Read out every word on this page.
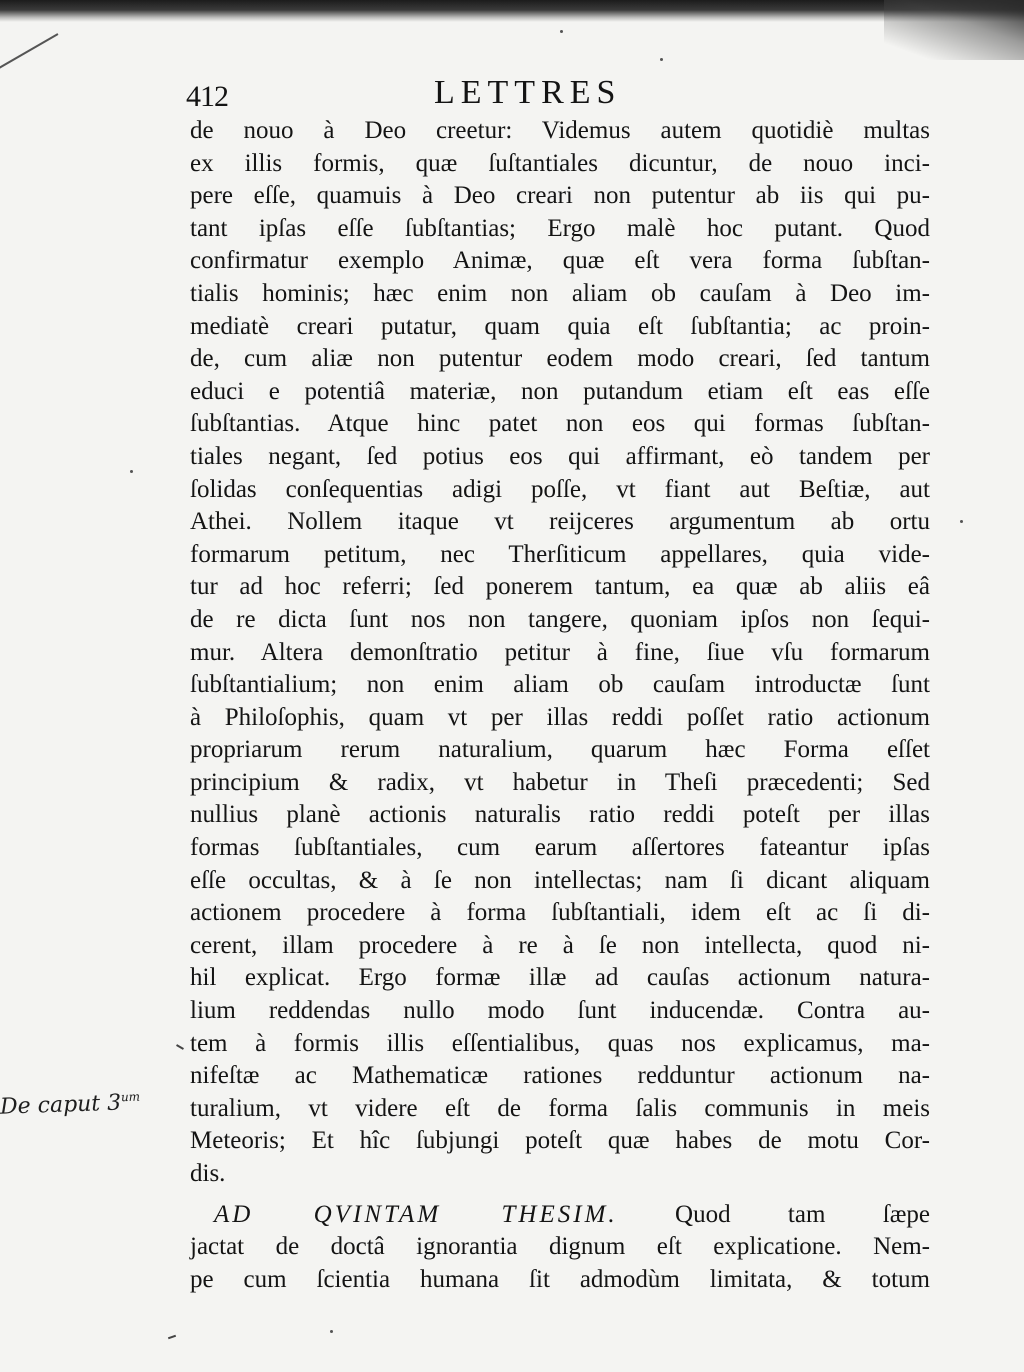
412	LETTRES
de nouo à Deo creetur: Videmus autem quotidiè multas
ex illis formis, quæ ſuſtantiales dicuntur, de nouo inci-
pere eſſe, quamuis à Deo creari non putentur ab iis qui pu-
tant ipſas eſſe ſubſtantias; Ergo malè hoc putant. Quod
confirmatur exemplo Animæ, quæ eſt vera forma ſubſtan-
tialis hominis; hæc enim non aliam ob cauſam à Deo im-
mediatè creari putatur, quam quia eſt ſubſtantia; ac proin-
de, cum aliæ non putentur eodem modo creari, ſed tantum
educi e potentiâ materiæ, non putandum etiam eſt eas eſſe
ſubſtantias. Atque hinc patet non eos qui formas ſubſtan-
tiales negant, ſed potius eos qui affirmant, eò tandem per
ſolidas conſequentias adigi poſſe, vt fiant aut Beſtiæ, aut
Athei. Nollem itaque vt reijceres argumentum ab ortu
formarum petitum, nec Therſiticum appellares, quia vide-
tur ad hoc referri; ſed ponerem tantum, ea quæ ab aliis eâ
de re dicta ſunt nos non tangere, quoniam ipſos non ſequi-
mur. Altera demonſtratio petitur à fine, ſiue vſu formarum
ſubſtantialium; non enim aliam ob cauſam introductæ ſunt
à Philoſophis, quam vt per illas reddi poſſet ratio actionum
propriarum rerum naturalium, quarum hæc Forma eſſet
principium & radix, vt habetur in Theſi præcedenti; Sed
nullius planè actionis naturalis ratio reddi poteſt per illas
formas ſubſtantiales, cum earum aſſertores fateantur ipſas
eſſe occultas, & à ſe non intellectas; nam ſi dicant aliquam
actionem procedere à forma ſubſtantiali, idem eſt ac ſi di-
cerent, illam procedere à re à ſe non intellecta, quod ni-
hil explicat. Ergo formæ illæ ad cauſas actionum natura-
lium reddendas nullo modo ſunt inducendæ. Contra au-
tem à formis illis eſſentialibus, quas nos explicamus, ma-
nifeſtæ ac Mathematicæ rationes redduntur actionum na-
turalium, vt videre eſt de forma ſalis communis in meis
Meteoris; Et hîc ſubjungi poteſt quæ habes de motu Cor-
dis.
AD QVINTAM THESIM. Quod tam ſæpe
jactat de doctâ ignorantia dignum eſt explicatione. Nem-
pe cum ſcientia humana ſit admodùm limitata, & totum
De caput $3^{um}$
